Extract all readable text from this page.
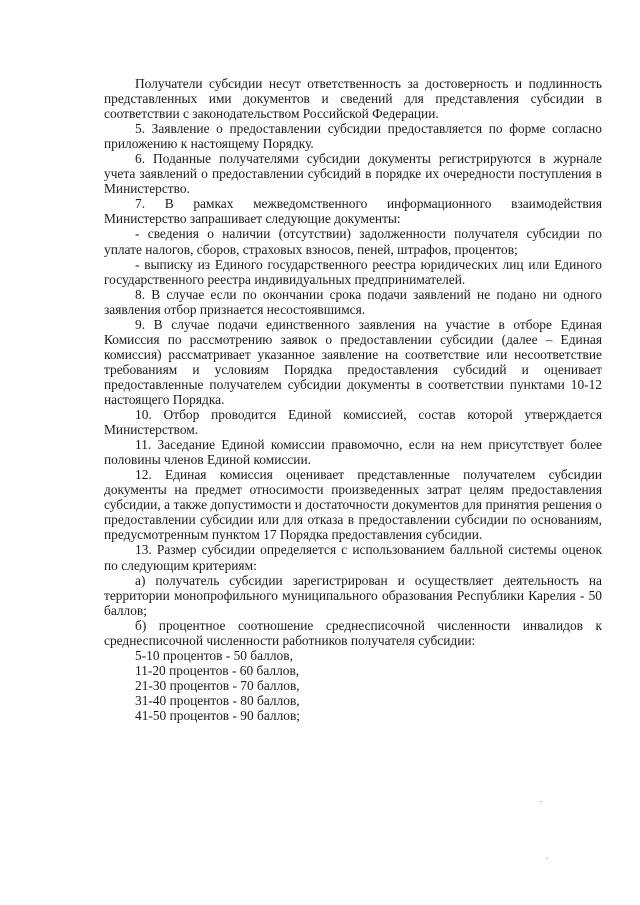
Получатели субсидии несут ответственность за достоверность и подлинность представленных ими документов и сведений для представления субсидии в соответствии с законодательством Российской Федерации.

5. Заявление о предоставлении субсидии предоставляется по форме согласно приложению к настоящему Порядку.

6. Поданные получателями субсидии документы регистрируются в журнале учета заявлений о предоставлении субсидий в порядке их очередности поступления в Министерство.

7. В рамках межведомственного информационного взаимодействия Министерство запрашивает следующие документы:

- сведения о наличии (отсутствии) задолженности получателя субсидии по уплате налогов, сборов, страховых взносов, пеней, штрафов, процентов;

- выписку из Единого государственного реестра юридических лиц или Единого государственного реестра индивидуальных предпринимателей.

8. В случае если по окончании срока подачи заявлений не подано ни одного заявления отбор признается несостоявшимся.

9. В случае подачи единственного заявления на участие в отборе Единая Комиссия по рассмотрению заявок о предоставлении субсидии (далее – Единая комиссия) рассматривает указанное заявление на соответствие или несоответствие требованиям и условиям Порядка предоставления субсидий и оценивает предоставленные получателем субсидии документы в соответствии пунктами 10-12 настоящего Порядка.

10. Отбор проводится Единой комиссией, состав которой утверждается Министерством.

11. Заседание Единой комиссии правомочно, если на нем присутствует более половины членов Единой комиссии.

12. Единая комиссия оценивает представленные получателем субсидии документы на предмет относимости произведенных затрат целям предоставления субсидии, а также допустимости и достаточности документов для принятия решения о предоставлении субсидии или для отказа в предоставлении субсидии по основаниям, предусмотренным пунктом 17 Порядка предоставления субсидии.

13. Размер субсидии определяется с использованием балльной системы оценок по следующим критериям:

а) получатель субсидии зарегистрирован и осуществляет деятельность на территории монопрофильного муниципального образования Республики Карелия - 50 баллов;

б) процентное соотношение среднесписочной численности инвалидов к среднесписочной численности работников получателя субсидии:

5-10 процентов - 50 баллов,

11-20 процентов - 60 баллов,

21-30 процентов - 70 баллов,

31-40 процентов - 80 баллов,

41-50 процентов - 90 баллов;
